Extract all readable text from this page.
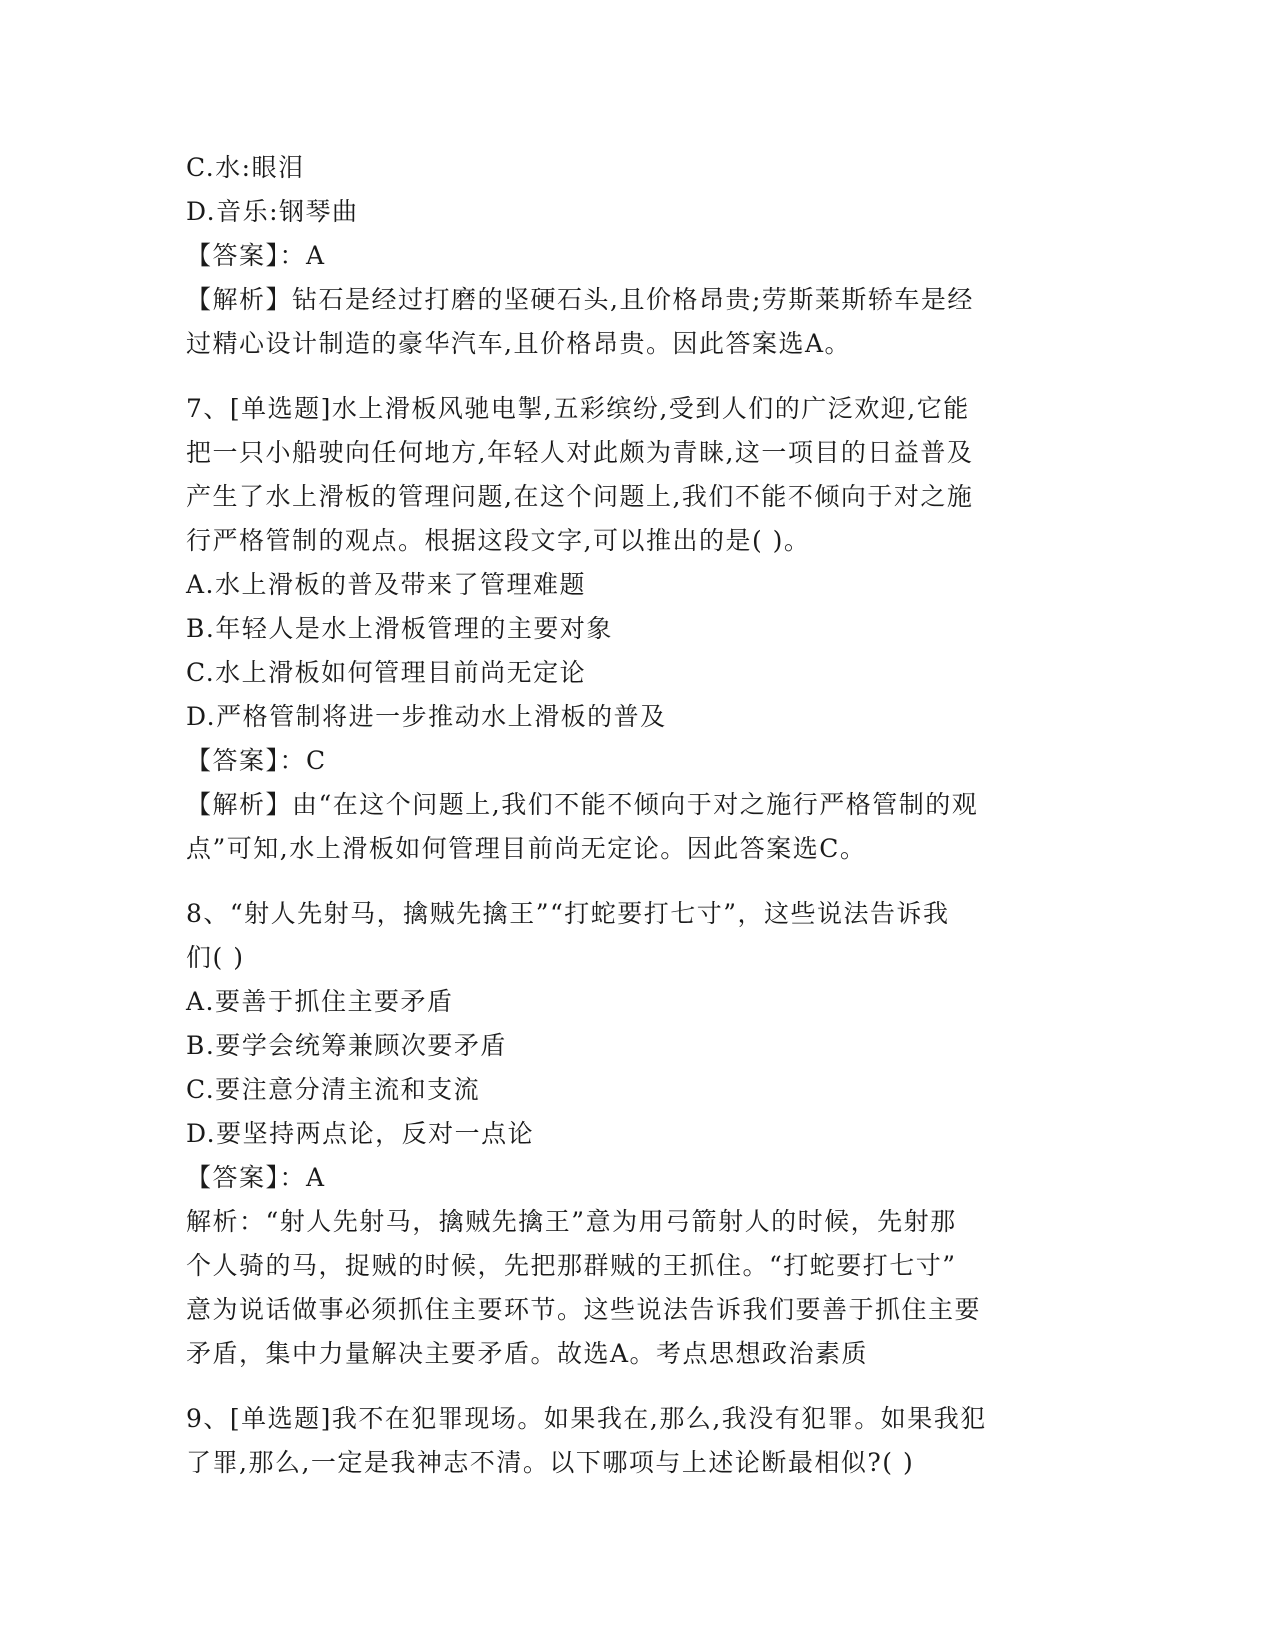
C.水:眼泪
D.音乐:钢琴曲
【答案】：A
【解析】钻石是经过打磨的坚硬石头,且价格昂贵;劳斯莱斯轿车是经
过精心设计制造的豪华汽车,且价格昂贵。因此答案选A。
7、[单选题]水上滑板风驰电掣,五彩缤纷,受到人们的广泛欢迎,它能
把一只小船驶向任何地方,年轻人对此颇为青睐,这一项目的日益普及
产生了水上滑板的管理问题,在这个问题上,我们不能不倾向于对之施
行严格管制的观点。根据这段文字,可以推出的是( )。
A.水上滑板的普及带来了管理难题
B.年轻人是水上滑板管理的主要对象
C.水上滑板如何管理目前尚无定论
D.严格管制将进一步推动水上滑板的普及
【答案】：C
【解析】由“在这个问题上,我们不能不倾向于对之施行严格管制的观
点”可知,水上滑板如何管理目前尚无定论。因此答案选C。
8、“射人先射马，擒贼先擒王”“打蛇要打七寸”，这些说法告诉我
们( )
A.要善于抓住主要矛盾
B.要学会统筹兼顾次要矛盾
C.要注意分清主流和支流
D.要坚持两点论，反对一点论
【答案】：A
解析：“射人先射马，擒贼先擒王”意为用弓箭射人的时候，先射那
个人骑的马，捉贼的时候，先把那群贼的王抓住。“打蛇要打七寸”
意为说话做事必须抓住主要环节。这些说法告诉我们要善于抓住主要
矛盾，集中力量解决主要矛盾。故选A。考点思想政治素质
9、[单选题]我不在犯罪现场。如果我在,那么,我没有犯罪。如果我犯
了罪,那么,一定是我神志不清。以下哪项与上述论断最相似?( )
